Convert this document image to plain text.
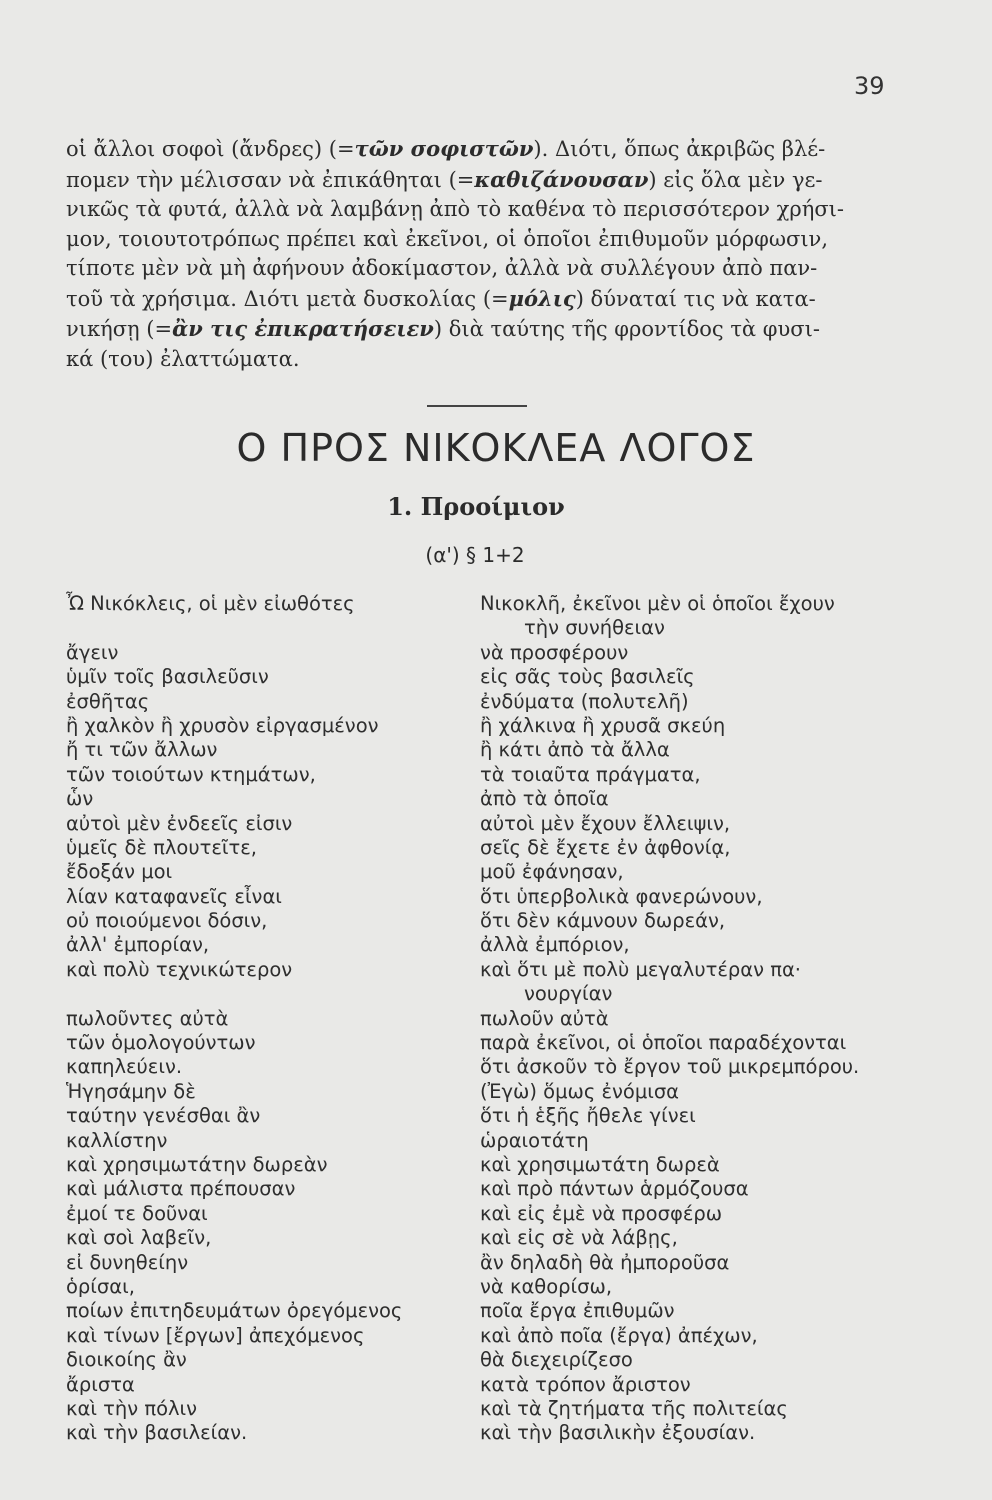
39
οἱ ἄλλοι σοφοὶ (ἄνδρες) (=τῶν σοφιστῶν). Διότι, ὅπως ἀκριβῶς βλέ-
πομεν τὴν μέλισσαν νὰ ἐπικάθηται (=καθιζάνουσαν) εἰς ὅλα μὲν γε-
νικῶς τὰ φυτά, ἀλλὰ νὰ λαμβάνῃ ἀπὸ τὸ καθένα τὸ περισσότερον χρήσι-
μον, τοιουτοτρόπως πρέπει καὶ ἐκεῖνοι, οἱ ὁποῖοι ἐπιθυμοῦν μόρφωσιν,
τίποτε μὲν νὰ μὴ ἀφήνουν ἀδοκίμαστον, ἀλλὰ νὰ συλλέγουν ἀπὸ παν-
τοῦ τὰ χρήσιμα. Διότι μετὰ δυσκολίας (=μόλις) δύναταί τις νὰ κατα-
νικήσῃ (=ἂν τις ἐπικρατήσειεν) διὰ ταύτης τῆς φροντίδος τὰ φυσι-
κά (του) ἐλαττώματα.
Ο ΠΡΟΣ ΝΙΚΟΚΛΕΑ ΛΟΓΟΣ
1. Προοίμιον
(α') § 1+2
Ὦ Νικόκλεις, οἱ μὲν εἰωθότες
ἄγειν
ὑμῖν τοῖς βασιλεῦσιν
ἐσθῆτας
ἢ χαλκὸν ἢ χρυσὸν εἰργασμένον
ἤ τι τῶν ἄλλων
τῶν τοιούτων κτημάτων,
ὧν
αὐτοὶ μὲν ἐνδεεῖς εἰσιν
ὑμεῖς δὲ πλουτεῖτε,
ἔδοξάν μοι
λίαν καταφανεῖς εἶναι
οὐ ποιούμενοι δόσιν,
ἀλλ' ἐμπορίαν,
καὶ πολὺ τεχνικώτερον
πωλοῦντες αὐτὰ
τῶν ὁμολογούντων
καπηλεύειν.
Ἡγησάμην δὲ
ταύτην γενέσθαι ἂν
καλλίστην
καὶ χρησιμωτάτην δωρεὰν
καὶ μάλιστα πρέπουσαν
ἐμοί τε δοῦναι
καὶ σοὶ λαβεῖν,
εἰ δυνηθείην
ὁρίσαι,
ποίων ἐπιτηδευμάτων ὀρεγόμενος
καὶ τίνων [ἔργων] ἀπεχόμενος
διοικοίης ἂν
ἄριστα
καὶ τὴν πόλιν
καὶ τὴν βασιλείαν.
Νικοκλῆ, ἐκεῖνοι μὲν οἱ ὁποῖοι ἔχουν
τὴν συνήθειαν
νὰ προσφέρουν
εἰς σᾶς τοὺς βασιλεῖς
ἐνδύματα (πολυτελῆ)
ἢ χάλκινα ἢ χρυσᾶ σκεύη
ἢ κάτι ἀπὸ τὰ ἄλλα
τὰ τοιαῦτα πράγματα,
ἀπὸ τὰ ὁποῖα
αὐτοὶ μὲν ἔχουν ἔλλειψιν,
σεῖς δὲ ἔχετε ἐν ἀφθονίᾳ,
μοῦ ἐφάνησαν,
ὅτι ὑπερβολικὰ φανερώνουν,
ὅτι δὲν κάμνουν δωρεάν,
ἀλλὰ ἐμπόριον,
καὶ ὅτι μὲ πολὺ μεγαλυτέραν πα·
νουργίαν
πωλοῦν αὐτὰ
παρὰ ἐκεῖνοι, οἱ ὁποῖοι παραδέχονται
ὅτι ἀσκοῦν τὸ ἔργον τοῦ μικρεμπόρου.
(Ἐγὼ) ὅμως ἐνόμισα
ὅτι ἡ ἑξῆς ἤθελε γίνει
ὡραιοτάτη
καὶ χρησιμωτάτη δωρεὰ
καὶ πρὸ πάντων ἁρμόζουσα
καὶ εἰς ἐμὲ νὰ προσφέρω
καὶ εἰς σὲ νὰ λάβῃς,
ἂν δηλαδὴ θὰ ἠμποροῦσα
νὰ καθορίσω,
ποῖα ἔργα ἐπιθυμῶν
καὶ ἀπὸ ποῖα (ἔργα) ἀπέχων,
θὰ διεχειρίζεσο
κατὰ τρόπον ἄριστον
καὶ τὰ ζητήματα τῆς πολιτείας
καὶ τὴν βασιλικὴν ἐξουσίαν.
